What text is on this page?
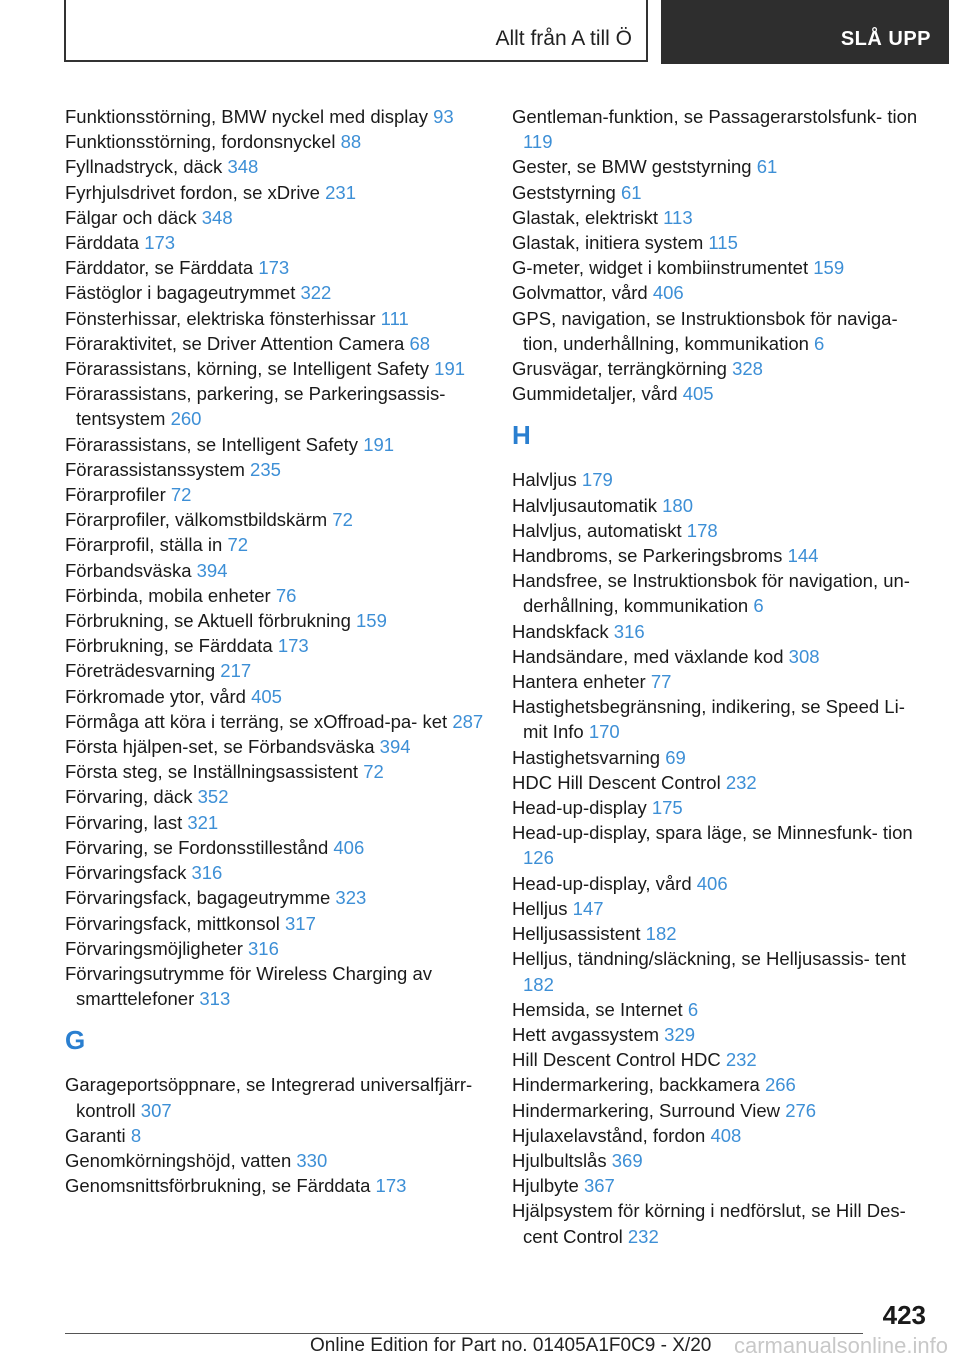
Allt från A till Ö	SLÅ UPP
Funktionsstörning, BMW nyckel med display 93
Funktionsstörning, fordonsnyckel 88
Fyllnadstryck, däck 348
Fyrhjulsdrivet fordon, se xDrive 231
Fälgar och däck 348
Färddata 173
Färddator, se Färddata 173
Fästöglor i bagageutrymmet 322
Fönsterhissar, elektriska fönsterhissar 111
Föraraktivitet, se Driver Attention Camera 68
Förarassistans, körning, se Intelligent Safety 191
Förarassistans, parkering, se Parkeringsassis- tentsystem 260
Förarassistans, se Intelligent Safety 191
Förarassistanssystem 235
Förarprofiler 72
Förarprofiler, välkomstbildskärm 72
Förarprofil, ställa in 72
Förbandsväska 394
Förbinda, mobila enheter 76
Förbrukning, se Aktuell förbrukning 159
Förbrukning, se Färddata 173
Företrädesvarning 217
Förkromade ytor, vård 405
Förmåga att köra i terräng, se xOffroad-pa- ket 287
Första hjälpen-set, se Förbandsväska 394
Första steg, se Inställningsassistent 72
Förvaring, däck 352
Förvaring, last 321
Förvaring, se Fordonsstillestånd 406
Förvaringsfack 316
Förvaringsfack, bagageutrymme 323
Förvaringsfack, mittkonsol 317
Förvaringsmöjligheter 316
Förvaringsutrymme för Wireless Charging av smarttelefoner 313
G
Garageportsöppnare, se Integrerad universalfjärr- kontroll 307
Garanti 8
Genomkörningshöjd, vatten 330
Genomsnittsförbrukning, se Färddata 173
Gentleman-funktion, se Passagerarstolsfunk- tion 119
Gester, se BMW geststyrning 61
Geststyrning 61
Glastak, elektriskt 113
Glastak, initiera system 115
G-meter, widget i kombiinstrumentet 159
Golvmattor, vård 406
GPS, navigation, se Instruktionsbok för naviga- tion, underhållning, kommunikation 6
Grusvägar, terrängkörning 328
Gummidetaljer, vård 405
H
Halvljus 179
Halvljusautomatik 180
Halvljus, automatiskt 178
Handbroms, se Parkeringsbroms 144
Handsfree, se Instruktionsbok för navigation, un- derhållning, kommunikation 6
Handskfack 316
Handsändare, med växlande kod 308
Hantera enheter 77
Hastighetsbegränsning, indikering, se Speed Li- mit Info 170
Hastighetsvarning 69
HDC Hill Descent Control 232
Head-up-display 175
Head-up-display, spara läge, se Minnesfunk- tion 126
Head-up-display, vård 406
Helljus 147
Helljusassistent 182
Helljus, tändning/släckning, se Helljusassis- tent 182
Hemsida, se Internet 6
Hett avgassystem 329
Hill Descent Control HDC 232
Hindermarkering, backkamera 266
Hindermarkering, Surround View 276
Hjulaxelavstånd, fordon 408
Hjulbultslås 369
Hjulbyte 367
Hjälpsystem för körning i nedförslut, se Hill Des- cent Control 232
423
Online Edition for Part no. 01405A1F0C9 - X/20 carmanualsonline.info
